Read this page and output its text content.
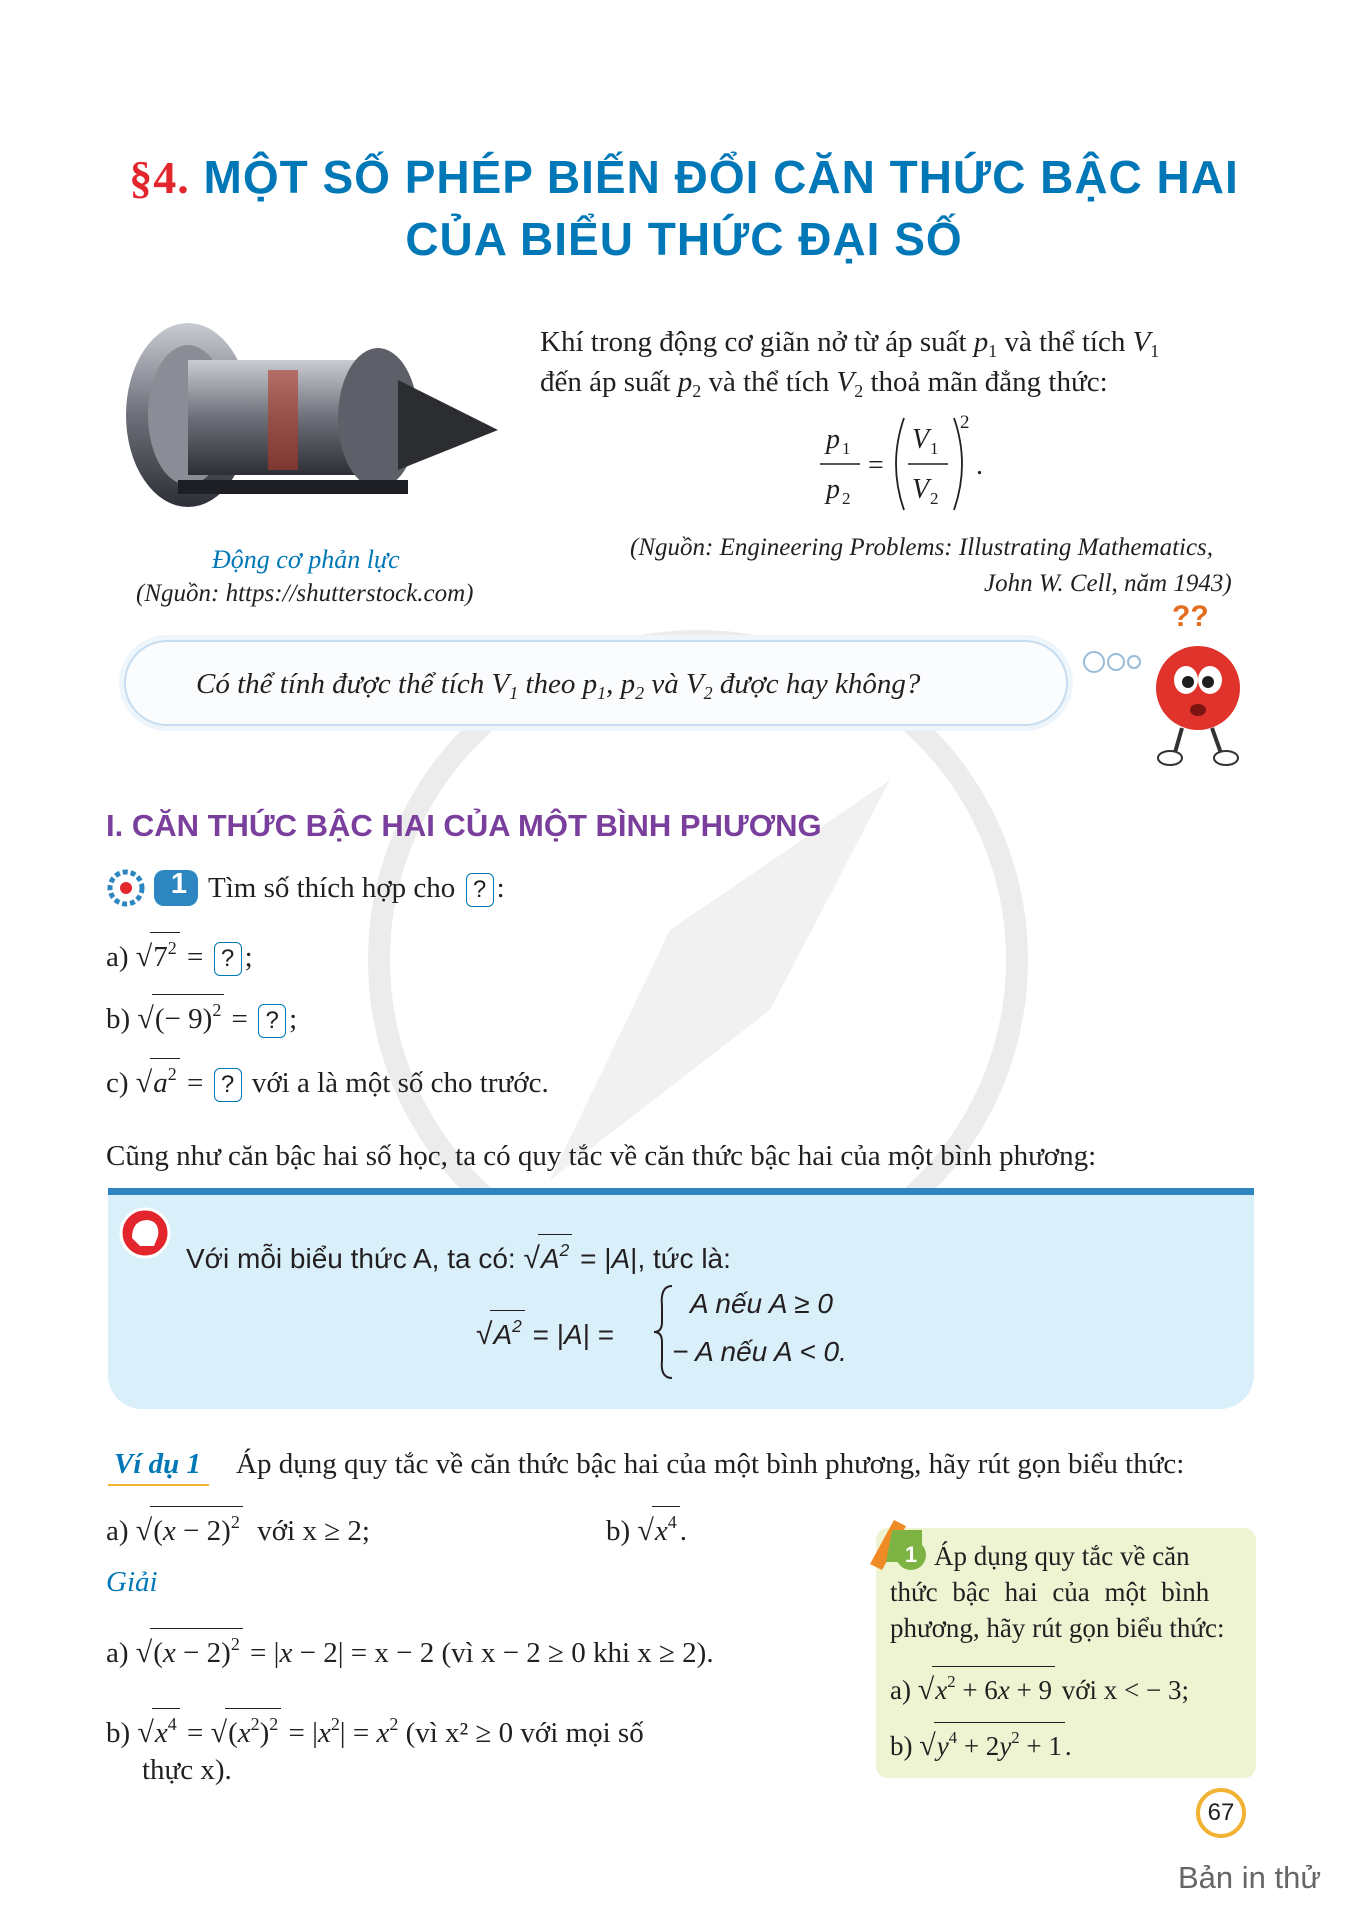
§4. MỘT SỐ PHÉP BIẾN ĐỔI CĂN THỨC BẬC HAI
CỦA BIỂU THỨC ĐẠI SỐ
Động cơ phản lực
(Nguồn: https://shutterstock.com)
Khí trong động cơ giãn nở từ áp suất $p_1$ và thể tích $V_1$
đến áp suất $p_2$ và thể tích $V_2$ thoả mãn đẳng thức:
p 1
p 2
=
V 1
V 2
2
.
(Nguồn: Engineering Problems: Illustrating Mathematics,
John W. Cell, năm 1943)
Có thể tính được thể tích $V_1$ theo $p_1$, $p_2$ và $V_2$ được hay không?
??
I. CĂN THỨC BẬC HAI CỦA MỘT BÌNH PHƯƠNG
1 Tìm số thích hợp cho ? :
a) $√7^2$ = ? ;
b) √(− 9)$^2$ = ? ;
c) $√a^2$ = ? với a là một số cho trước.
Cũng như căn bậc hai số học, ta có quy tắc về căn thức bậc hai của một bình phương:
Với mỗi biểu thức A, ta có: $√A^2 = |A|$, tức là:
$√A^2 = |A|$ =
A nếu A ≥ 0
− A nếu A < 0.
Ví dụ 1 Áp dụng quy tắc về căn thức bậc hai của một bình phương, hãy rút gọn biểu thức:
a) $√(x - 2)^2$ với x ≥ 2;	b) $√x^4$ .
Giải
a) $√(x - 2)^2 = |x - 2| = x - 2$ (vì x − 2 ≥ 0 khi x ≥ 2).
b) $√x^4 = √(x^2)^2 = |x^2| = x^2$ (vì x² ≥ 0 với mọi số
thực x).
1 Áp dụng quy tắc về căn
thức bậc hai của một bình
phương, hãy rút gọn biểu thức:
a) $√x^2 + 6x + 9$ với x < − 3;
b) $√y^4 + 2y^2 + 1$ .
67
Bản in thử
